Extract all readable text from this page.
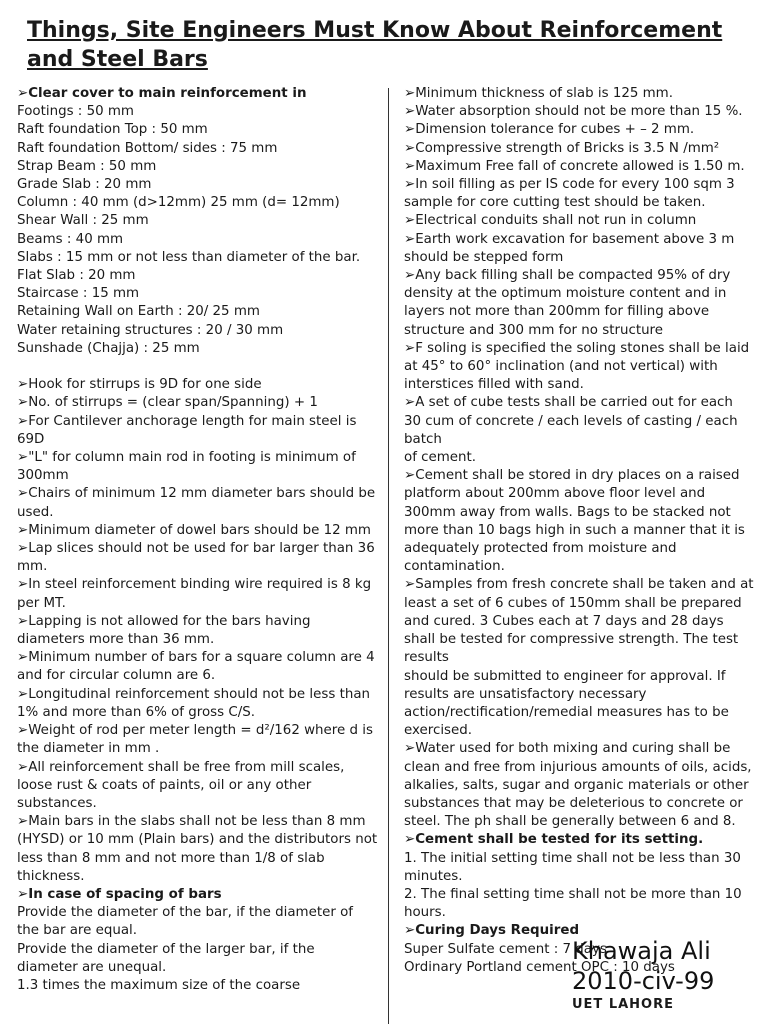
Things, Site Engineers Must Know About Reinforcement
and Steel Bars

➢Clear cover to main reinforcement in

Footings : 50 mm

Raft foundation Top : 50 mm

Raft foundation Bottom/ sides : 75 mm

Strap Beam : 50 mm

Grade Slab : 20 mm

Column : 40 mm (d>12mm) 25 mm (d= 12mm)

Shear Wall : 25 mm

Beams : 40 mm

Slabs : 15 mm or not less than diameter of the bar.

Flat Slab : 20 mm

Staircase : 15 mm

Retaining Wall on Earth : 20/ 25 mm

Water retaining structures : 20 / 30 mm

Sunshade (Chajja) : 25 mm

➢Hook for stirrups is 9D for one side

➢No. of stirrups = (clear span/Spanning) + 1

➢For Cantilever anchorage length for main steel is 69D

➢"L" for column main rod in footing is minimum of 300mm

➢Chairs of minimum 12 mm diameter bars should be used.

➢Minimum diameter of dowel bars should be 12 mm

➢Lap slices should not be used for bar larger than 36 mm.

➢In steel reinforcement binding wire required is 8 kg per MT.

➢Lapping is not allowed for the bars having diameters more than 36 mm.

➢Minimum number of bars for a square column are 4 and for circular column are 6.

➢Longitudinal reinforcement should not be less than 1% and more than 6% of gross C/S.

➢Weight of rod per meter length = d²/162 where d is the diameter in mm .

➢All reinforcement shall be free from mill scales, loose rust & coats of paints, oil or any other substances.

➢Main bars in the slabs shall not be less than 8 mm (HYSD) or 10 mm (Plain bars) and the distributors not less than 8 mm and not more than 1/8 of slab thickness.

➢In case of spacing of bars

Provide the diameter of the bar, if the diameter of the bar are equal.

Provide the diameter of the larger bar, if the diameter are unequal.

1.3 times the maximum size of the coarse

➢Minimum thickness of slab is 125 mm.

➢Water absorption should not be more than 15 %.

➢Dimension tolerance for cubes + – 2 mm.

➢Compressive strength of Bricks is 3.5 N /mm²

➢Maximum Free fall of concrete allowed is 1.50 m.

➢In soil filling as per IS code for every 100 sqm 3 sample for core cutting test should be taken.

➢Electrical conduits shall not run in column

➢Earth work excavation for basement above 3 m should be stepped form

➢Any back filling shall be compacted 95% of dry density at the optimum moisture content and in layers not more than 200mm for filling above structure and 300 mm for no structure

➢F soling is specified the soling stones shall be laid at 45° to 60° inclination (and not vertical) with interstices filled with sand.

➢A set of cube tests shall be carried out for each 30 cum of concrete / each levels of casting / each batch

of cement.

➢Cement shall be stored in dry places on a raised platform about 200mm above floor level and 300mm away from walls. Bags to be stacked not more than 10 bags high in such a manner that it is adequately protected from moisture and contamination.

➢Samples from fresh concrete shall be taken and at least a set of 6 cubes of 150mm shall be prepared and cured. 3 Cubes each at 7 days and 28 days shall be tested for compressive strength. The test results

should be submitted to engineer for approval. If results are unsatisfactory necessary action/rectification/remedial measures has to be exercised.

➢Water used for both mixing and curing shall be clean and free from injurious amounts of oils, acids, alkalies, salts, sugar and organic materials or other substances that may be deleterious to concrete or steel. The ph shall be generally between 6 and 8.

➢Cement shall be tested for its setting.

1. The initial setting time shall not be less than 30 minutes.

2. The final setting time shall not be more than 10 hours.

➢Curing Days Required

Super Sulfate cement : 7 days

Ordinary Portland cement OPC : 10 days

Khawaja Ali
2010-civ-99
UET LAHORE
